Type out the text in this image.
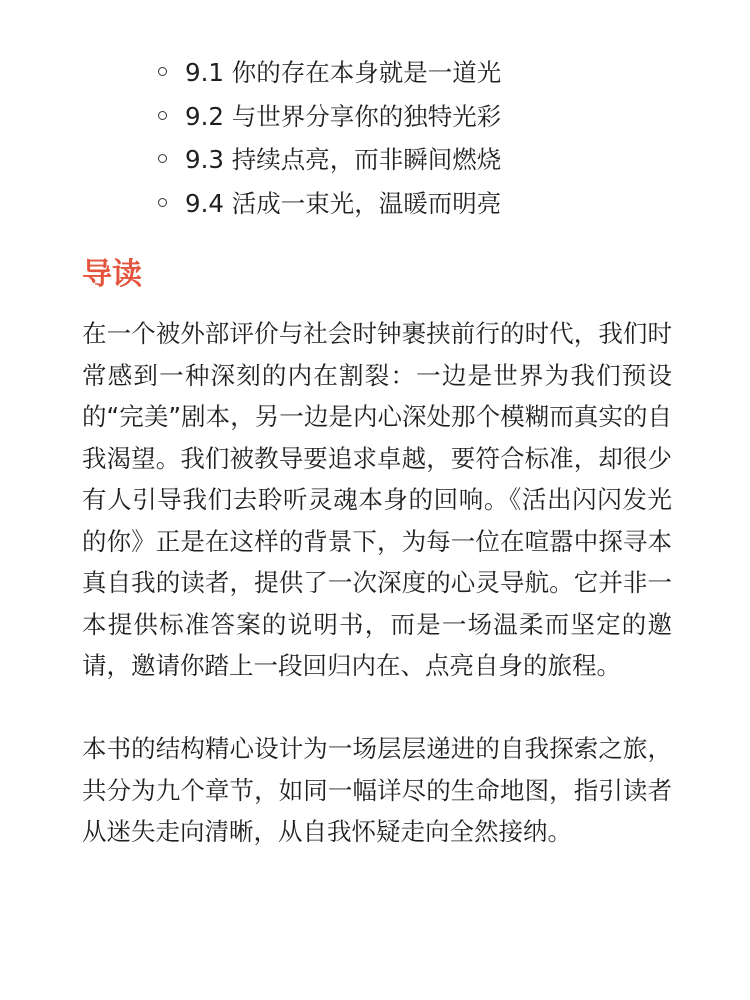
9.1 你的存在本身就是一道光
9.2 与世界分享你的独特光彩
9.3 持续点亮，而非瞬间燃烧
9.4 活成一束光，温暖而明亮
导读

在一个被外部评价与社会时钟裹挟前行的时代，我们时常感到一种深刻的内在割裂：一边是世界为我们预设的“完美”剧本，另一边是内心深处那个模糊而真实的自我渴望。我们被教导要追求卓越，要符合标准，却很少有人引导我们去聆听灵魂本身的回响。《活出闪闪发光的你》正是在这样的背景下，为每一位在喧嚣中探寻本真自我的读者，提供了一次深度的心灵导航。它并非一本提供标准答案的说明书，而是一场温柔而坚定的邀请，邀请你踏上一段回归内在、点亮自身的旅程。

本书的结构精心设计为一场层层递进的自我探索之旅，共分为九个章节，如同一幅详尽的生命地图，指引读者从迷失走向清晰，从自我怀疑走向全然接纳。
